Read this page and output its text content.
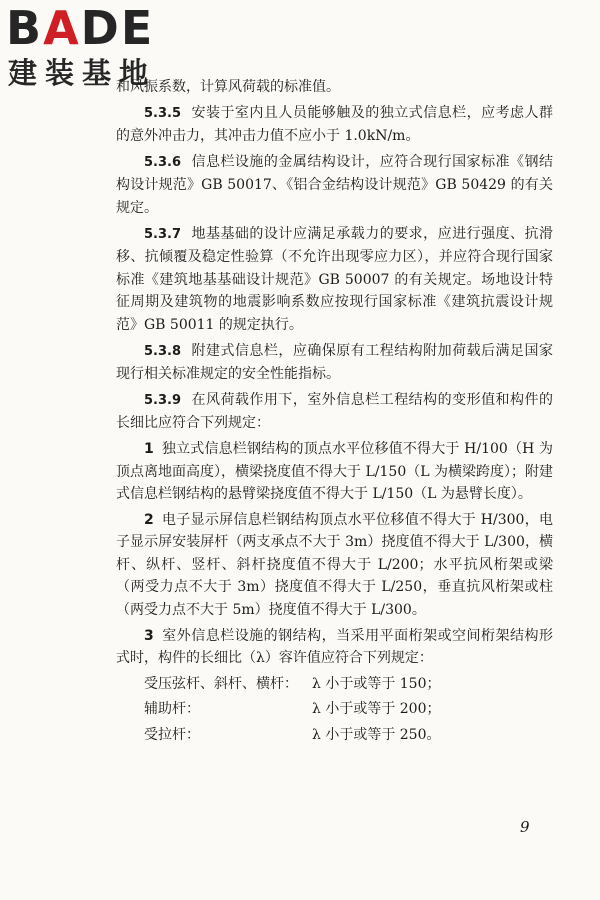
BADE
建装基地

和风振系数，计算风荷载的标准值。

5.3.5 安装于室内且人员能够触及的独立式信息栏，应考虑人群的意外冲击力，其冲击力值不应小于 1.0kN/m。

5.3.6 信息栏设施的金属结构设计，应符合现行国家标准《钢结构设计规范》GB 50017、《铝合金结构设计规范》GB 50429 的有关规定。

5.3.7 地基基础的设计应满足承载力的要求，应进行强度、抗滑移、抗倾覆及稳定性验算（不允许出现零应力区），并应符合现行国家标准《建筑地基基础设计规范》GB 50007 的有关规定。场地设计特征周期及建筑物的地震影响系数应按现行国家标准《建筑抗震设计规范》GB 50011 的规定执行。

5.3.8 附建式信息栏，应确保原有工程结构附加荷载后满足国家现行相关标准规定的安全性能指标。

5.3.9 在风荷载作用下，室外信息栏工程结构的变形值和构件的长细比应符合下列规定：

1 独立式信息栏钢结构的顶点水平位移值不得大于 H/100（H 为顶点离地面高度），横梁挠度值不得大于 L/150（L 为横梁跨度）；附建式信息栏钢结构的悬臂梁挠度值不得大于 L/150（L 为悬臂长度）。

2 电子显示屏信息栏钢结构顶点水平位移值不得大于 H/300，电子显示屏安装屏杆（两支承点不大于 3m）挠度值不得大于 L/300，横杆、纵杆、竖杆、斜杆挠度值不得大于 L/200；水平抗风桁架或梁（两受力点不大于 3m）挠度值不得大于 L/250，垂直抗风桁架或柱（两受力点不大于 5m）挠度值不得大于 L/300。

3 室外信息栏设施的钢结构，当采用平面桁架或空间桁架结构形式时，构件的长细比（λ）容许值应符合下列规定：

受压弦杆、斜杆、横杆：	λ 小于或等于 150；
辅助杆：	λ 小于或等于 200；
受拉杆：	λ 小于或等于 250。
9
